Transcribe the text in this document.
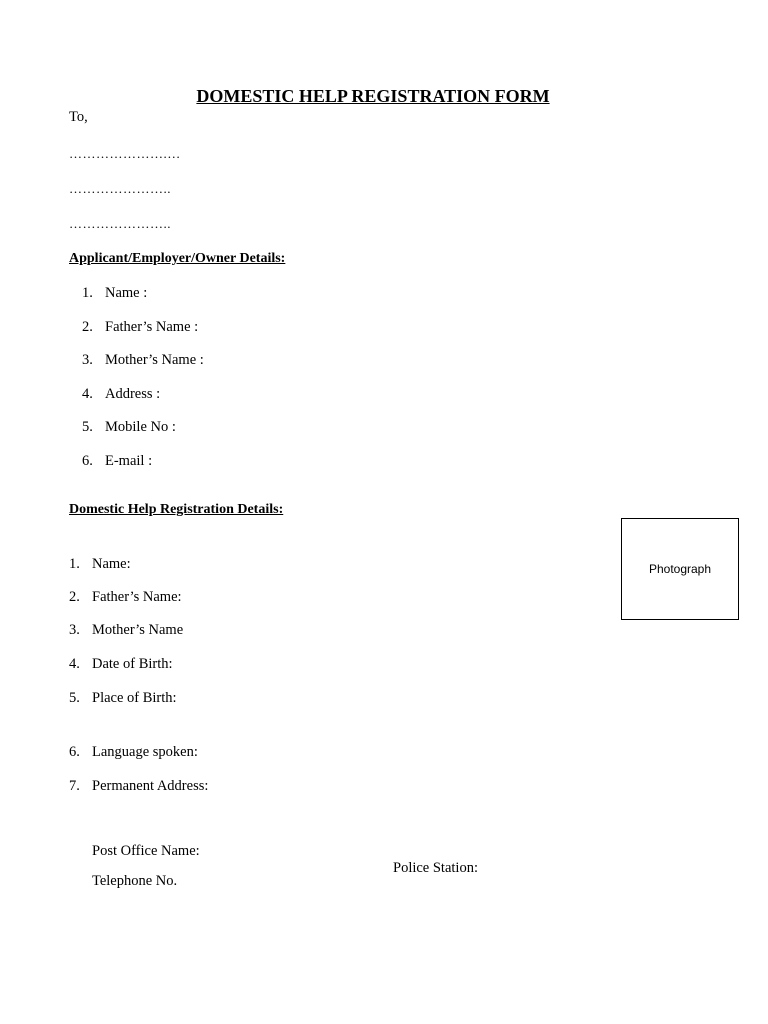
DOMESTIC HELP REGISTRATION FORM
To,
………………….…
…………………..
…………………..
Applicant/Employer/Owner Details:
1. Name :
2. Father’s Name :
3. Mother’s Name :
4. Address :
5. Mobile No :
6. E-mail :
Domestic Help Registration Details:
Photograph
1. Name:
2. Father’s Name:
3. Mother’s Name
4. Date of Birth:
5. Place of Birth:
6. Language spoken:
7. Permanent Address:
Post Office Name:
Police Station:
Telephone No.
